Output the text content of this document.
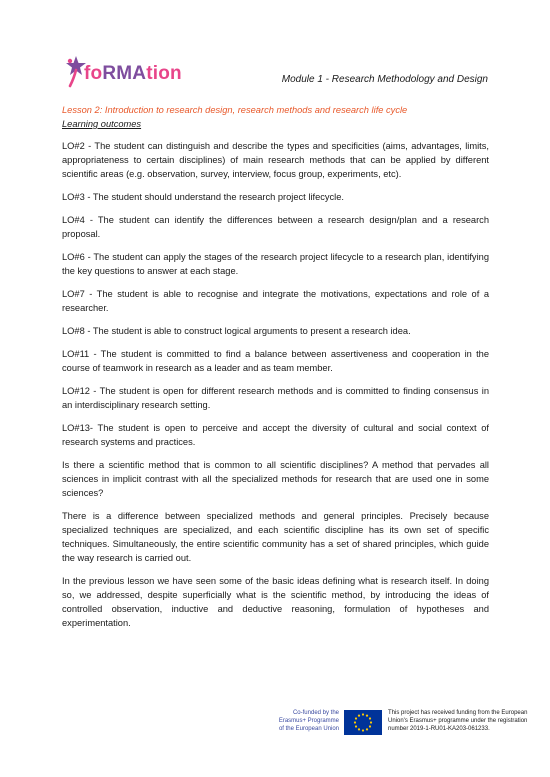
foRMAtion	Module 1 - Research Methodology and Design

Lesson 2: Introduction to research design, research methods and research life cycle

Learning outcomes

LO#2 - The student can distinguish and describe the types and specificities (aims, advantages, limits, appropriateness to certain disciplines) of main research methods that can be applied by different scientific areas (e.g. observation, survey, interview, focus group, experiments, etc).

LO#3 - The student should understand the research project lifecycle.

LO#4 - The student can identify the differences between a research design/plan and a research proposal.

LO#6 - The student can apply the stages of the research project lifecycle to a research plan, identifying the key questions to answer at each stage.

LO#7 - The student is able to recognise and integrate the motivations, expectations and role of a researcher.

LO#8 - The student is able to construct logical arguments to present a research idea.

LO#11 - The student is committed to find a balance between assertiveness and cooperation in the course of teamwork in research as a leader and as team member.

LO#12 - The student is open for different research methods and is committed to finding consensus in an interdisciplinary research setting.

LO#13- The student is open to perceive and accept the diversity of cultural and social context of research systems and practices.

Is there a scientific method that is common to all scientific disciplines? A method that pervades all sciences in implicit contrast with all the specialized methods for research that are used one in some sciences?

There is a difference between specialized methods and general principles. Precisely because specialized techniques are specialized, and each scientific discipline has its own set of specific techniques. Simultaneously, the entire scientific community has a set of shared principles, which guide the way research is carried out.

In the previous lesson we have seen some of the basic ideas defining what is research itself. In doing so, we addressed, despite superficially what is the scientific method, by introducing the ideas of controlled observation, inductive and deductive reasoning, formulation of hypotheses and experimentation.

Co-funded by the
Erasmus+ Programme
of the European Union
This project has received funding from the European
Union's Erasmus+ programme under the registration
number 2019-1-RU01-KA203-061233.
